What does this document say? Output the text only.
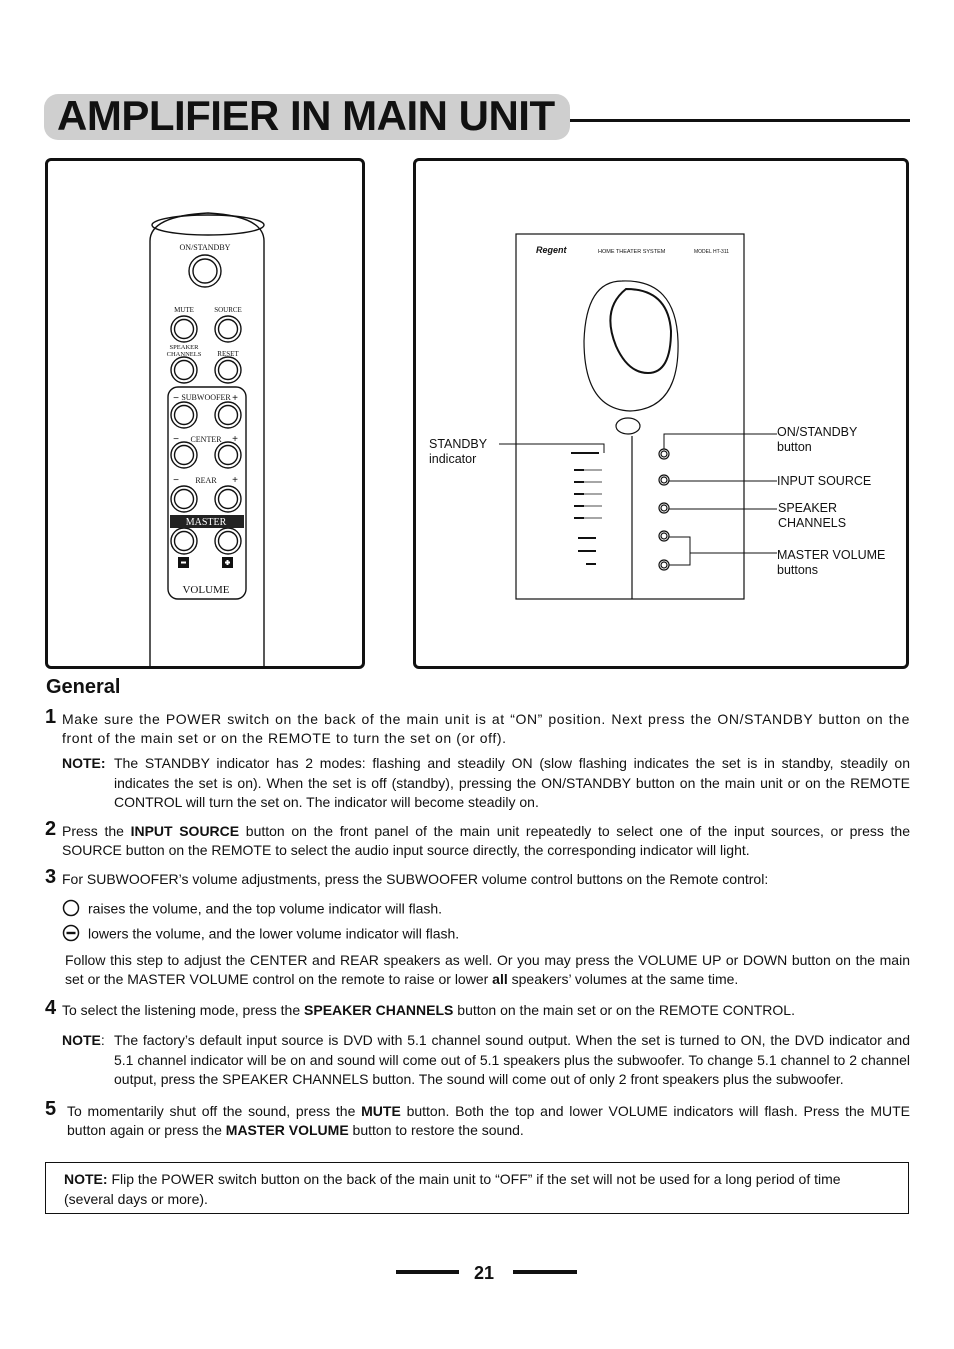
AMPLIFIER IN MAIN UNIT
ON/STANDBY
MUTE	SOURCE
SPEAKER
CHANNELS RESET
SUBWOOFER
CENTER
REAR
MASTER
VOLUME
−	+
−	+
−	+
Regent	HOME THEATER SYSTEM	MODEL HT-311
STANDBY
indicator
ON/STANDBY
button
INPUT SOURCE
SPEAKER
CHANNELS
MASTER VOLUME
buttons
General
1 Make sure the POWER switch on the back of the main unit is at “ON” position. Next press the ON/STANDBY button on the front of the main set or on the REMOTE to turn the set on (or off).
NOTE: The STANDBY indicator has 2 modes: flashing and steadily ON (slow flashing indicates the set is in standby, steadily on indicates the set is on). When the set is off (standby), pressing the ON/STANDBY button on the main unit or on the REMOTE CONTROL will turn the set on. The indicator will become steadily on.
2 Press the INPUT SOURCE button on the front panel of the main unit repeatedly to select one of the input sources, or press the SOURCE button on the REMOTE to select the audio input source directly, the corresponding indicator will light.
3 For SUBWOOFER’s volume adjustments, press the SUBWOOFER volume control buttons on the Remote control:
raises the volume, and the top volume indicator will flash.
lowers the volume, and the lower volume indicator will flash.
Follow this step to adjust the CENTER and REAR speakers as well. Or you may press the VOLUME UP or DOWN button on the main set or the MASTER VOLUME control on the remote to raise or lower all speakers’ volumes at the same time.
4 To select the listening mode, press the SPEAKER CHANNELS button on the main set or on the REMOTE CONTROL.
NOTE: The factory’s default input source is DVD with 5.1 channel sound output. When the set is turned to ON, the DVD indicator and 5.1 channel indicator will be on and sound will come out of 5.1 speakers plus the subwoofer. To change 5.1 channel to 2 channel output, press the SPEAKER CHANNELS button. The sound will come out of only 2 front speakers plus the subwoofer.
5 To momentarily shut off the sound, press the MUTE button. Both the top and lower VOLUME indicators will flash. Press the MUTE button again or press the MASTER VOLUME button to restore the sound.
NOTE: Flip the POWER switch button on the back of the main unit to “OFF” if the set will not be used for a long period of time (several days or more).
21
